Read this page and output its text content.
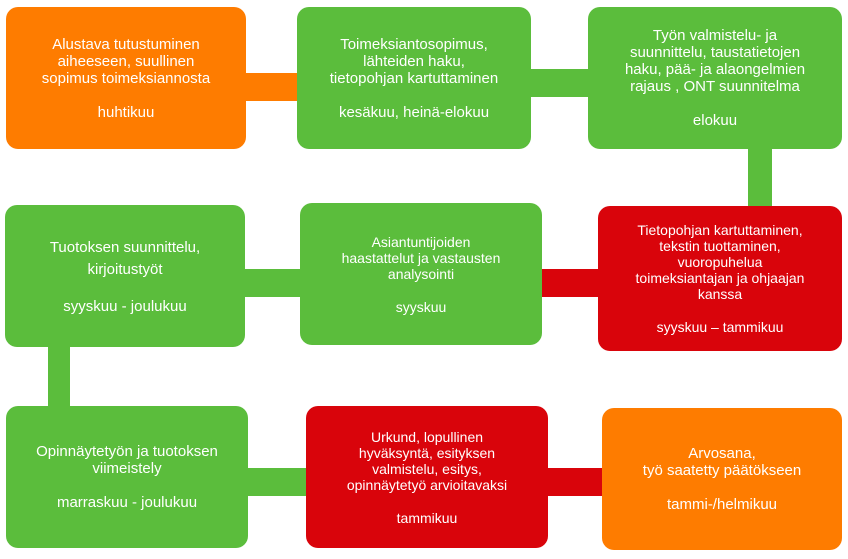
Alustava tutustuminen
aiheeseen, suullinen
sopimus toimeksiannosta
huhtikuu
Toimeksiantosopimus,
lähteiden haku,
tietopohjan kartuttaminen
kesäkuu, heinä-elokuu
Työn valmistelu- ja
suunnittelu, taustatietojen
haku, pää- ja alaongelmien
rajaus , ONT suunnitelma
elokuu
Tietopohjan kartuttaminen,
tekstin tuottaminen,
vuoropuhelua
toimeksiantajan ja ohjaajan
kanssa
syyskuu – tammikuu
Asiantuntijoiden
haastattelut ja vastausten
analysointi
syyskuu
Tuotoksen suunnittelu,
kirjoitustyöt
syyskuu - joulukuu
Opinnäytetyön ja tuotoksen
viimeistely
marraskuu - joulukuu
Urkund, lopullinen
hyväksyntä, esityksen
valmistelu, esitys,
opinnäytetyö arvioitavaksi
tammikuu
Arvosana,
työ saatetty päätökseen
tammi-/helmikuu
